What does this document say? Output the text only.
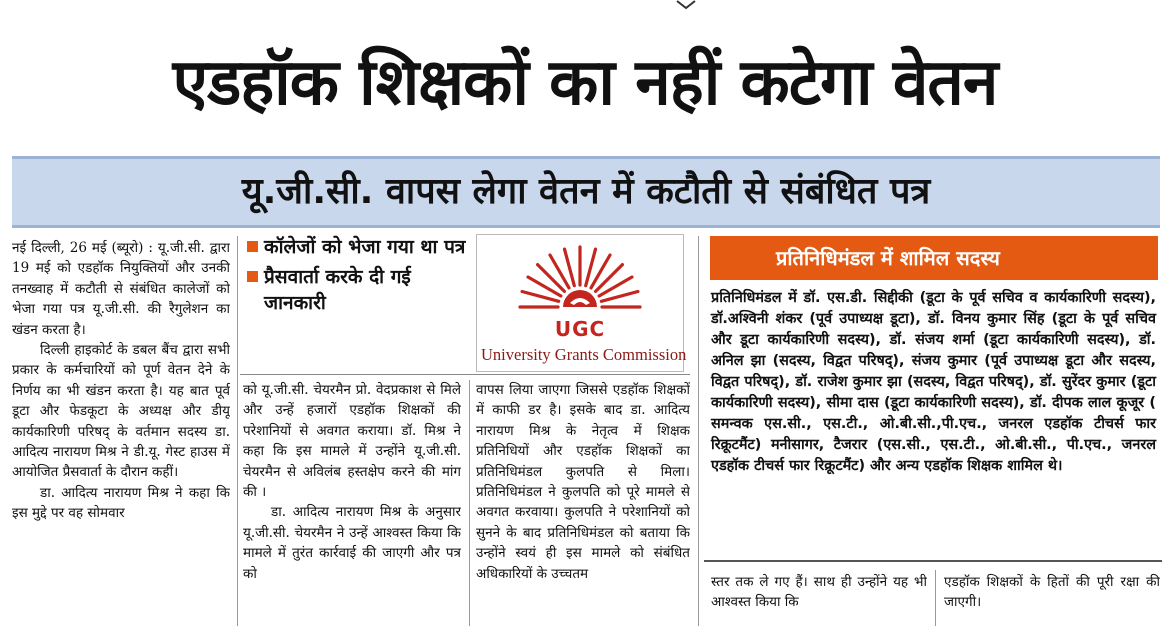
एडहॉक शिक्षकों का नहीं कटेगा वेतन
यू.जी.सी. वापस लेगा वेतन में कटौती से संबंधित पत्र

नई दिल्ली, 26 मई (ब्यूरो) : यू.जी.सी. द्वारा 19 मई को एडहॉक नियुक्तियों और उनकी तनख्वाह में कटौती से संबंधित कालेजों को भेजा गया पत्र यू.जी.सी. की रैगुलेशन का खंडन करता है।

दिल्ली हाइकोर्ट के डबल बैंच द्वारा सभी प्रकार के कर्मचारियों को पूर्ण वेतन देने के निर्णय का भी खंडन करता है। यह बात पूर्व डूटा और फेडकूटा के अध्यक्ष और डीयू कार्यकारिणी परिषद् के वर्तमान सदस्य डा. आदित्य नारायण मिश्र ने डी.यू. गेस्ट हाउस में आयोजित प्रैसवार्ता के दौरान कहीं।

डा. आदित्य नारायण मिश्र ने कहा कि इस मुद्दे पर वह सोमवार

कॉलेजों को भेजा गया था पत्र
प्रैसवार्ता करके दी गई जानकारी
UGC
University Grants Commission

को यू.जी.सी. चेयरमैन प्रो. वेदप्रकाश से मिले और उन्हें हजारों एडहॉक शिक्षकों की परेशानियों से अवगत कराया। डॉ. मिश्र ने कहा कि इस मामले में उन्होंने यू.जी.सी. चेयरमैन से अविलंब हस्तक्षेप करने की मांग की ।

डा. आदित्य नारायण मिश्र के अनुसार यू.जी.सी. चेयरमैन ने उन्हें आश्वस्त किया कि मामले में तुरंत कार्रवाई की जाएगी और पत्र को

वापस लिया जाएगा जिससे एडहॉक शिक्षकों में काफी डर है। इसके बाद डा. आदित्य नारायण मिश्र के नेतृत्व में शिक्षक प्रतिनिधियों और एडहॉक शिक्षकों का प्रतिनिधिमंडल कुलपति से मिला। प्रतिनिधिमंडल ने कुलपति को पूरे मामले से अवगत करवाया। कुलपति ने परेशानियों को सुनने के बाद प्रतिनिधिमंडल को बताया कि उन्होंने स्वयं ही इस मामले को संबंधित अधिकारियों के उच्चतम

प्रतिनिधिमंडल में शामिल सदस्य
प्रतिनिधिमंडल में डॉ. एस.डी. सिद्दीकी (डूटा के पूर्व सचिव व कार्यकारिणी सदस्य), डॉ.अश्विनी शंकर (पूर्व उपाध्यक्ष डूटा), डॉ. विनय कुमार सिंह (डूटा के पूर्व सचिव और डूटा कार्यकारिणी सदस्य), डॉ. संजय शर्मा (डूटा कार्यकारिणी सदस्य), डॉ. अनिल झा (सदस्य, विद्वत परिषद्), संजय कुमार (पूर्व उपाध्यक्ष डूटा और सदस्य, विद्वत परिषद्), डॉ. राजेश कुमार झा (सदस्य, विद्वत परिषद्), डॉ. सुरेंदर कुमार (डूटा कार्यकारिणी सदस्य), सीमा दास (डूटा कार्यकारिणी सदस्य), डॉ. दीपक लाल कूजूर ( समन्वक एस.सी., एस.टी., ओ.बी.सी.,पी.एच., जनरल एडहॉक टीचर्स फार रिक्रूटमैंट) मनीसागर, टैजरार (एस.सी., एस.टी., ओ.बी.सी., पी.एच., जनरल एडहॉक टीचर्स फार रिक्रूटमैंट) और अन्य एडहॉक शिक्षक शामिल थे।

स्तर तक ले गए हैं। साथ ही उन्होंने यह भी आश्वस्त किया कि

एडहॉक शिक्षकों के हितों की पूरी रक्षा की जाएगी।
